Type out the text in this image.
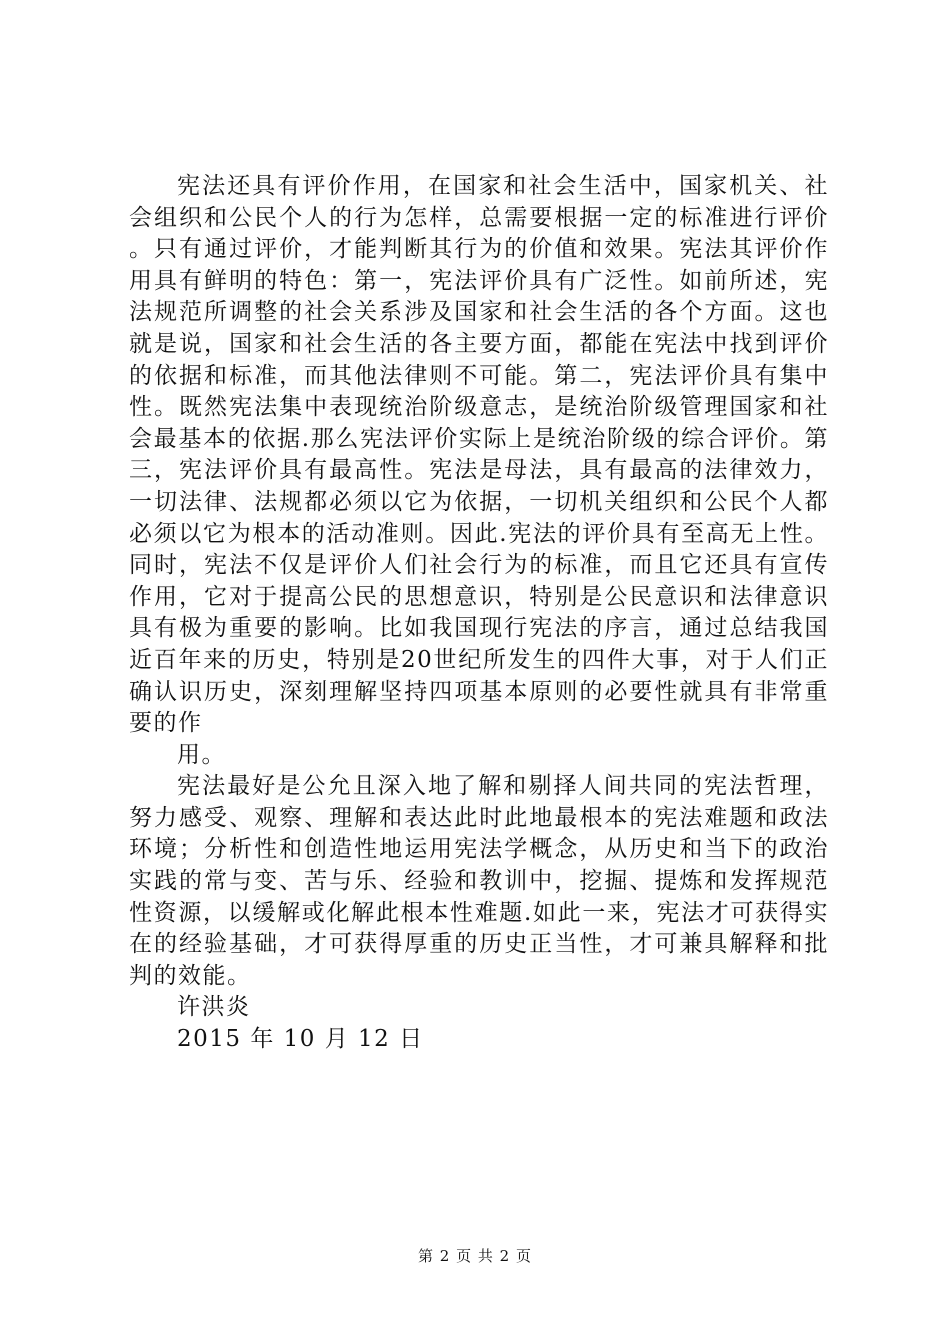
宪法还具有评价作用，在国家和社会生活中，国家机关、社会组织和公民个人的行为怎样，总需要根据一定的标准进行评价。只有通过评价，才能判断其行为的价值和效果。宪法其评价作用具有鲜明的特色：第一，宪法评价具有广泛性。如前所述，宪法规范所调整的社会关系涉及国家和社会生活的各个方面。这也就是说，国家和社会生活的各主要方面，都能在宪法中找到评价的依据和标准，而其他法律则不可能。第二，宪法评价具有集中性。既然宪法集中表现统治阶级意志，是统治阶级管理国家和社会最基本的依据.那么宪法评价实际上是统治阶级的综合评价。第三，宪法评价具有最高性。宪法是母法，具有最高的法律效力，一切法律、法规都必须以它为依据，一切机关组织和公民个人都必须以它为根本的活动准则。因此.宪法的评价具有至高无上性。同时，宪法不仅是评价人们社会行为的标准，而且它还具有宣传作用，它对于提高公民的思想意识，特别是公民意识和法律意识具有极为重要的影响。比如我国现行宪法的序言，通过总结我国近百年来的历史，特别是20世纪所发生的四件大事，对于人们正确认识历史，深刻理解坚持四项基本原则的必要性就具有非常重要的作

用。

宪法最好是公允且深入地了解和剔择人间共同的宪法哲理，努力感受、观察、理解和表达此时此地最根本的宪法难题和政法环境；分析性和创造性地运用宪法学概念，从历史和当下的政治实践的常与变、苦与乐、经验和教训中，挖掘、提炼和发挥规范性资源，以缓解或化解此根本性难题.如此一来，宪法才可获得实在的经验基础，才可获得厚重的历史正当性，才可兼具解释和批判的效能。

许洪炎

2015 年 10 月 12 日

第 2 页 共 2 页
